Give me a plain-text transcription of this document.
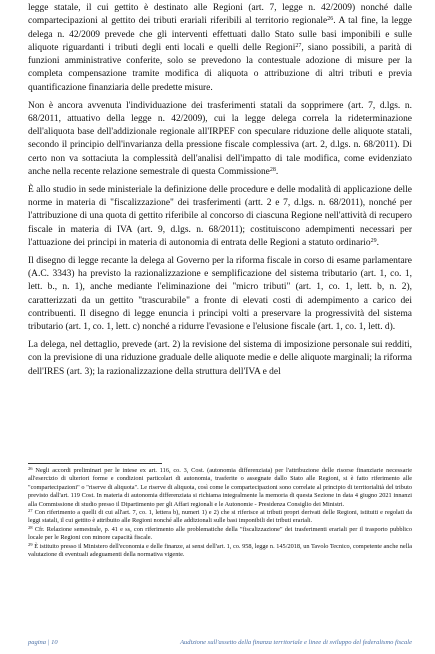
legge statale, il cui gettito è destinato alle Regioni (art. 7, legge n. 42/2009) nonché dalle compartecipazioni al gettito dei tributi erariali riferibili al territorio regionale$^{26}$. A tal fine, la legge delega n. 42/2009 prevede che gli interventi effettuati dallo Stato sulle basi imponibili e sulle aliquote riguardanti i tributi degli enti locali e quelli delle Regioni$^{27}$, siano possibili, a parità di funzioni amministrative conferite, solo se prevedono la contestuale adozione di misure per la completa compensazione tramite modifica di aliquota o attribuzione di altri tributi e previa quantificazione finanziaria delle predette misure.

Non è ancora avvenuta l'individuazione dei trasferimenti statali da sopprimere (art. 7, d.lgs. n. 68/2011, attuativo della legge n. 42/2009), cui la legge delega correla la rideterminazione dell'aliquota base dell'addizionale regionale all'IRPEF con speculare riduzione delle aliquote statali, secondo il principio dell'invarianza della pressione fiscale complessiva (art. 2, d.lgs. n. 68/2011). Di certo non va sottaciuta la complessità dell'analisi dell'impatto di tale modifica, come evidenziato anche nella recente relazione semestrale di questa Commissione$^{28}$.

È allo studio in sede ministeriale la definizione delle procedure e delle modalità di applicazione delle norme in materia di "fiscalizzazione" dei trasferimenti (artt. 2 e 7, d.lgs. n. 68/2011), nonché per l'attribuzione di una quota di gettito riferibile al concorso di ciascuna Regione nell'attività di recupero fiscale in materia di IVA (art. 9, d.lgs. n. 68/2011); costituiscono adempimenti necessari per l'attuazione dei principi in materia di autonomia di entrata delle Regioni a statuto ordinario$^{29}$.

Il disegno di legge recante la delega al Governo per la riforma fiscale in corso di esame parlamentare (A.C. 3343) ha previsto la razionalizzazione e semplificazione del sistema tributario (art. 1, co. 1, lett. b., n. 1), anche mediante l'eliminazione dei "micro tributi" (art. 1, co. 1, lett. b, n. 2), caratterizzati da un gettito "trascurabile" a fronte di elevati costi di adempimento a carico dei contribuenti. Il disegno di legge enuncia i principi volti a preservare la progressività del sistema tributario (art. 1, co. 1, lett. c) nonché a ridurre l'evasione e l'elusione fiscale (art. 1, co. 1, lett. d).

La delega, nel dettaglio, prevede (art. 2) la revisione del sistema di imposizione personale sui redditi, con la previsione di una riduzione graduale delle aliquote medie e delle aliquote marginali; la riforma dell'IRES (art. 3); la razionalizzazione della struttura dell'IVA e del

$^{26}$ Negli accordi preliminari per le intese ex art. 116, co. 3, Cost. (autonomia differenziata) per l'attribuzione delle risorse finanziarie necessarie all'esercizio di ulteriori forme e condizioni particolari di autonomia, trasferite o assegnate dallo Stato alle Regioni, si è fatto riferimento alle "compartecipazioni" o "riserve di aliquota". Le riserve di aliquota, così come le compartecipazioni sono correlate al principio di territorialità del tributo previsto dall'art. 119 Cost. In materia di autonomia differenziata si richiama integralmente la memoria di questa Sezione in data 4 giugno 2021 innanzi alla Commissione di studio presso il Dipartimento per gli Affari regionali e le Autonomie - Presidenza Consiglio dei Ministri.

$^{27}$ Con riferimento a quelli di cui all'art. 7, co. 1, lettera b), numeri 1) e 2) che si riferisce ai tributi propri derivati delle Regioni, istituiti e regolati da leggi statali, il cui gettito è attribuito alle Regioni nonché alle addizionali sulle basi imponibili dei tributi erariali.

$^{28}$ Cfr. Relazione semestrale, p. 41 e ss, con riferimento alle problematiche della "fiscalizzazione" dei trasferimenti erariali per il trasporto pubblico locale per le Regioni con minore capacità fiscale.

$^{29}$ È istituito presso il Ministero dell'economia e delle finanze, ai sensi dell'art. 1, co. 958, legge n. 145/2018, un Tavolo Tecnico, competente anche nella valutazione di eventuali adeguamenti della normativa vigente.

pagina | 10	Audizione sull'assetto della finanza territoriale e linee di sviluppo del federalismo fiscale
